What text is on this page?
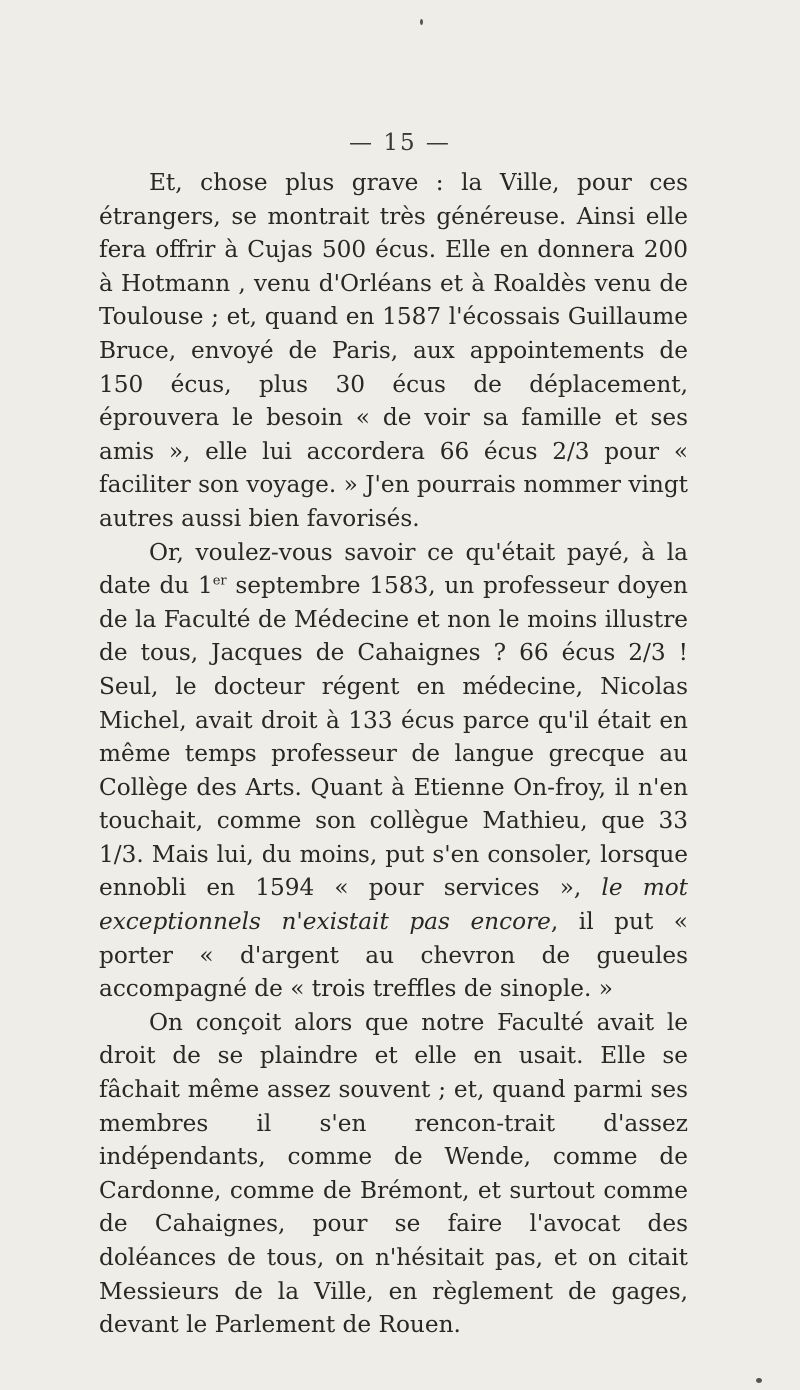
— 15 —

Et, chose plus grave : la Ville, pour ces étrangers, se montrait très généreuse. Ainsi elle fera offrir à Cujas 500 écus. Elle en donnera 200 à Hotmann , venu d'Orléans et à Roaldès venu de Toulouse ; et, quand en 1587 l'écossais Guillaume Bruce, envoyé de Paris, aux appointements de 150 écus, plus 30 écus de déplacement, éprouvera le besoin « de voir sa famille et ses amis », elle lui accordera 66 écus 2/3 pour « faciliter son voyage. » J'en pourrais nommer vingt autres aussi bien favorisés.

Or, voulez-vous savoir ce qu'était payé, à la date du 1er septembre 1583, un professeur doyen de la Faculté de Médecine et non le moins illustre de tous, Jacques de Cahaignes ? 66 écus 2/3 ! Seul, le docteur régent en médecine, Nicolas Michel, avait droit à 133 écus parce qu'il était en même temps professeur de langue grecque au Collège des Arts. Quant à Etienne On-froy, il n'en touchait, comme son collègue Mathieu, que 33 1/3. Mais lui, du moins, put s'en consoler, lorsque ennobli en 1594 « pour services », le mot exceptionnels n'existait pas encore, il put « porter « d'argent au chevron de gueules accompagné de « trois treffles de sinople. »

On conçoit alors que notre Faculté avait le droit de se plaindre et elle en usait. Elle se fâchait même assez souvent ; et, quand parmi ses membres il s'en rencon-trait d'assez indépendants, comme de Wende, comme de Cardonne, comme de Brémont, et surtout comme de Cahaignes, pour se faire l'avocat des doléances de tous, on n'hésitait pas, et on citait Messieurs de la Ville, en règlement de gages, devant le Parlement de Rouen.
